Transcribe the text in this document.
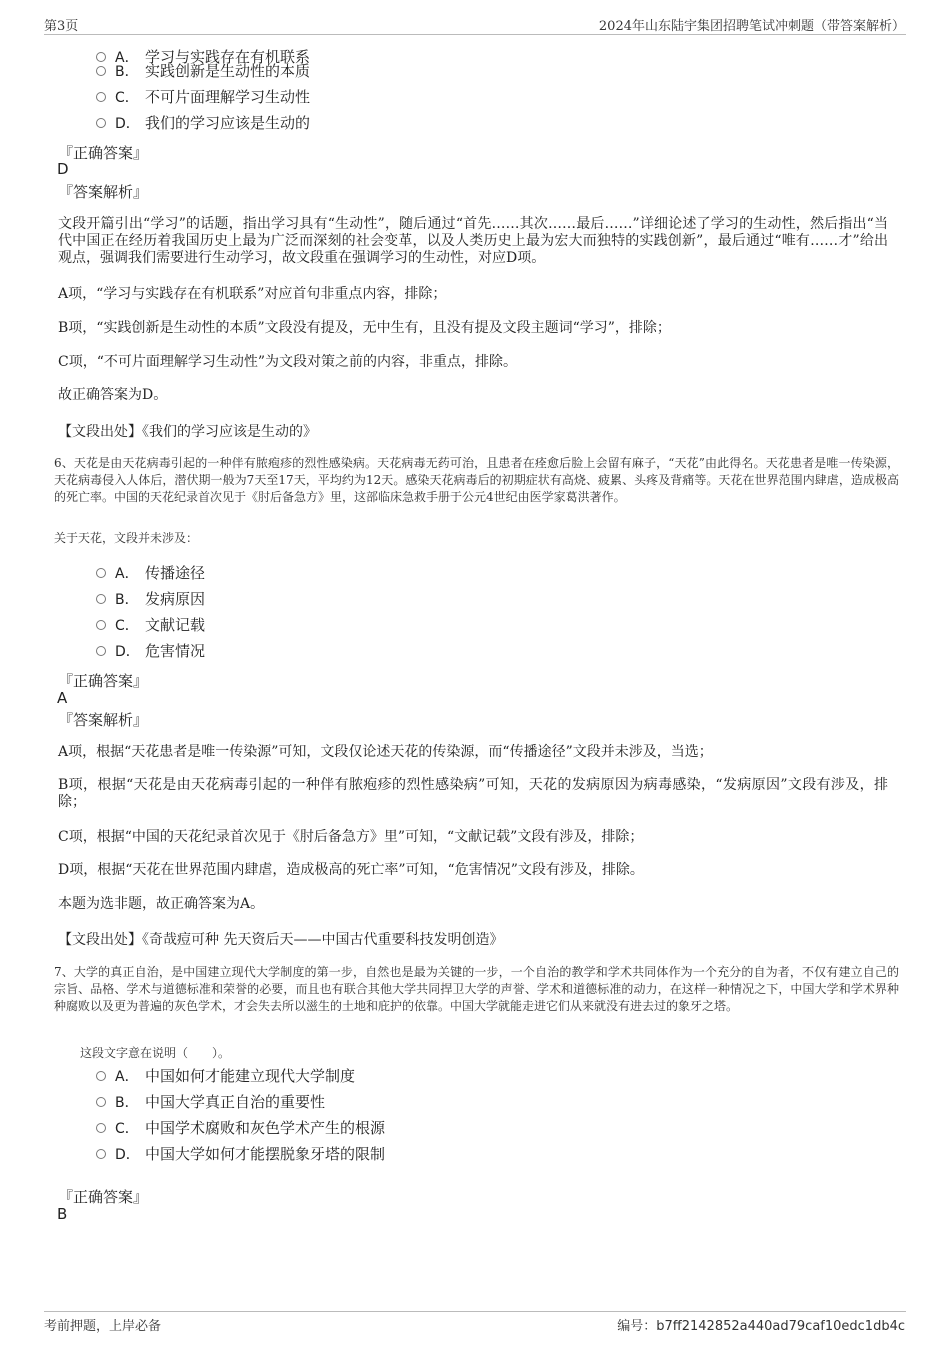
第3页	2024年山东陆宇集团招聘笔试冲刺题（带答案解析）
A． 学习与实践存在有机联系
B． 实践创新是生动性的本质
C． 不可片面理解学习生动性
D． 我们的学习应该是生动的
『正确答案』
D
『答案解析』
文段开篇引出“学习”的话题，指出学习具有“生动性”，随后通过“首先……其次……最后……”详细论述了学习的生动性，然后指出“当代中国正在经历着我国历史上最为广泛而深刻的社会变革，以及人类历史上最为宏大而独特的实践创新”，最后通过“唯有……才”给出观点，强调我们需要进行生动学习，故文段重在强调学习的生动性，对应D项。
A项，“学习与实践存在有机联系”对应首句非重点内容，排除；
B项，“实践创新是生动性的本质”文段没有提及，无中生有，且没有提及文段主题词“学习”，排除；
C项，“不可片面理解学习生动性”为文段对策之前的内容，非重点，排除。
故正确答案为D。
【文段出处】《我们的学习应该是生动的》
6、天花是由天花病毒引起的一种伴有脓疱疹的烈性感染病。天花病毒无药可治，且患者在痊愈后脸上会留有麻子，“天花”由此得名。天花患者是唯一传染源，天花病毒侵入人体后，潜伏期一般为7天至17天，平均约为12天。感染天花病毒后的初期症状有高烧、疲累、头疼及背痛等。天花在世界范围内肆虐，造成极高的死亡率。中国的天花纪录首次见于《肘后备急方》里，这部临床急救手册于公元4世纪由医学家葛洪著作。
关于天花，文段并未涉及：
A． 传播途径
B． 发病原因
C． 文献记载
D． 危害情况
『正确答案』
A
『答案解析』
A项，根据“天花患者是唯一传染源”可知，文段仅论述天花的传染源，而“传播途径”文段并未涉及，当选；
B项，根据“天花是由天花病毒引起的一种伴有脓疱疹的烈性感染病”可知，天花的发病原因为病毒感染，“发病原因”文段有涉及，排除；
C项，根据“中国的天花纪录首次见于《肘后备急方》里”可知，“文献记载”文段有涉及，排除；
D项，根据“天花在世界范围内肆虐，造成极高的死亡率”可知，“危害情况”文段有涉及，排除。
本题为选非题，故正确答案为A。
【文段出处】《奇哉痘可种 先天资后天——中国古代重要科技发明创造》
7、大学的真正自治，是中国建立现代大学制度的第一步，自然也是最为关键的一步，一个自治的教学和学术共同体作为一个充分的自为者，不仅有建立自己的宗旨、品格、学术与道德标准和荣誉的必要，而且也有联合其他大学共同捍卫大学的声誉、学术和道德标准的动力，在这样一种情况之下，中国大学和学术界种种腐败以及更为普遍的灰色学术，才会失去所以滋生的土地和庇护的依靠。中国大学就能走进它们从来就没有进去过的象牙之塔。
这段文字意在说明（　　）。
A． 中国如何才能建立现代大学制度
B． 中国大学真正自治的重要性
C． 中国学术腐败和灰色学术产生的根源
D． 中国大学如何才能摆脱象牙塔的限制
『正确答案』
B
考前押题，上岸必备	编号：b7ff2142852a440ad79caf10edc1db4c
